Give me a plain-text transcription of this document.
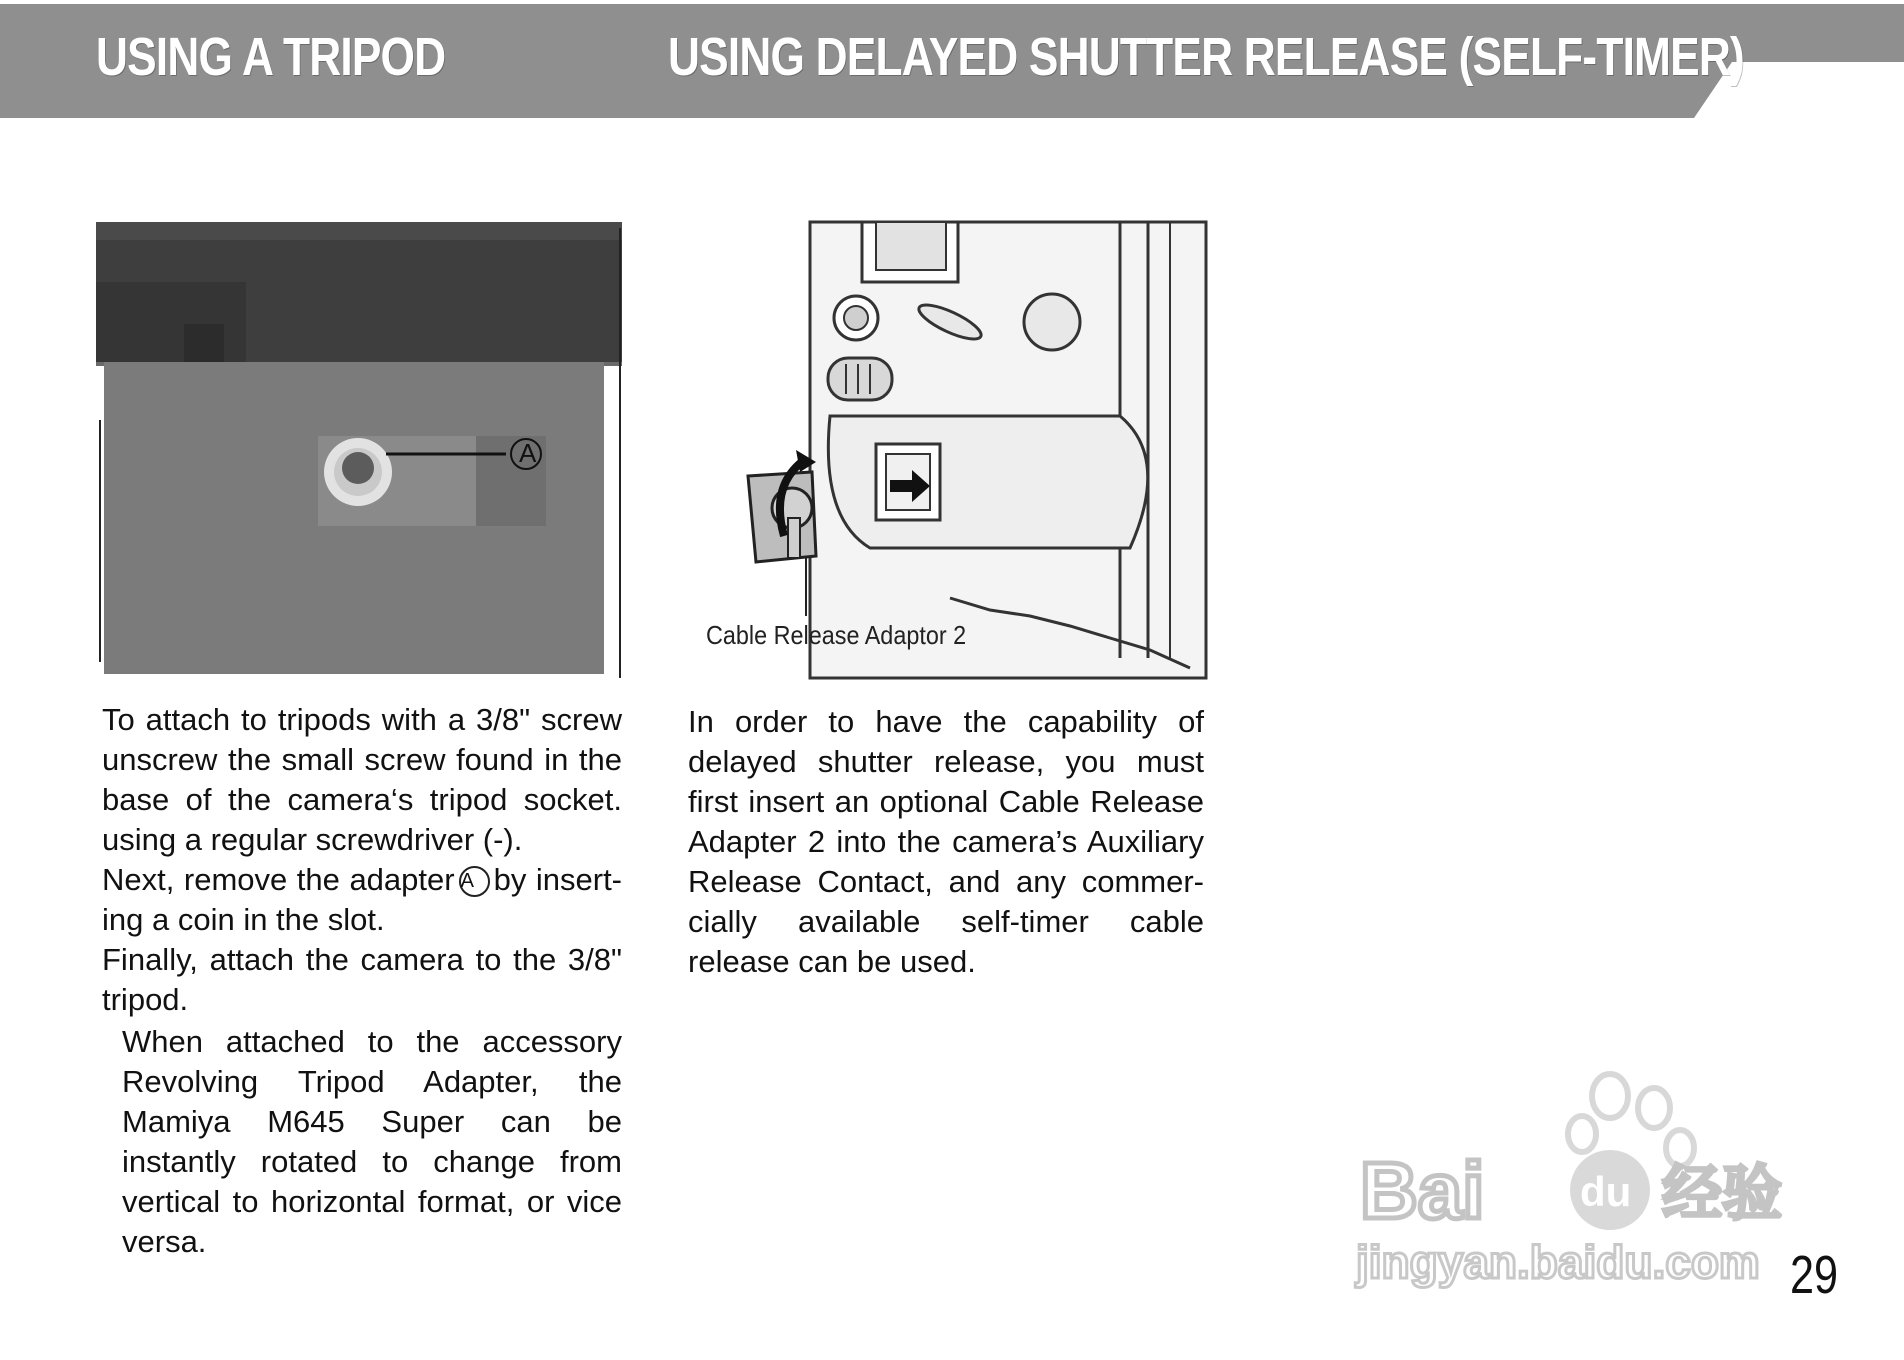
USING A TRIPOD	USING DELAYED SHUTTER RELEASE (SELF-TIMER)
A
Cable Release Adaptor 2

To attach to tripods with a 3/8" screw unscrew the small screw found in the base of the camera‘s tripod socket. using a regular screwdriver (-).

Next, remove the adapter A by insert-ing a coin in the slot.

Finally, attach the camera to the 3/8" tripod.

When attached to the accessory Revolving Tripod Adapter, the Mamiya M645 Super can be instantly rotated to change from vertical to horizontal format, or vice versa.
In order to have the capability of delayed shutter release, you must first insert an optional Cable Release Adapter 2 into the camera’s Auxiliary Release Contact, and any commer-cially available self-timer cable release can be used.
Bai du 经验
jingyan.baidu.com 29
